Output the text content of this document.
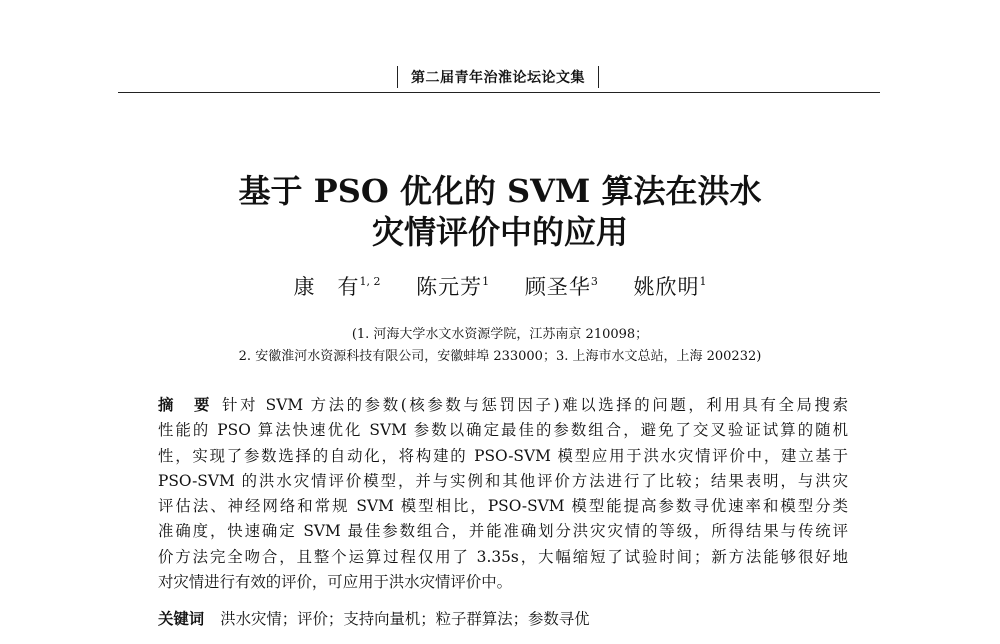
第二届青年治淮论坛论文集
基于 PSO 优化的 SVM 算法在洪水
灾情评价中的应用
康　有$^{1, 2}$ 陈元芳$^1$ 顾圣华$^3$ 姚欣明$^1$
(1. 河海大学水文水资源学院，江苏南京 210098；
2. 安徽淮河水资源科技有限公司，安徽蚌埠 233000；3. 上海市水文总站，上海 200232)
摘　要 针对 SVM 方法的参数(核参数与惩罚因子)难以选择的问题，利用具有全局搜索
性能的 PSO 算法快速优化 SVM 参数以确定最佳的参数组合，避免了交叉验证试算的随机
性，实现了参数选择的自动化，将构建的 PSO-SVM 模型应用于洪水灾情评价中，建立基于
PSO-SVM 的洪水灾情评价模型，并与实例和其他评价方法进行了比较；结果表明，与洪灾
评估法、神经网络和常规 SVM 模型相比，PSO-SVM 模型能提高参数寻优速率和模型分类
准确度，快速确定 SVM 最佳参数组合，并能准确划分洪灾灾情的等级，所得结果与传统评
价方法完全吻合，且整个运算过程仅用了 3.35s，大幅缩短了试验时间；新方法能够很好地
对灾情进行有效的评价，可应用于洪水灾情评价中。
关键词 洪水灾情；评价；支持向量机；粒子群算法；参数寻优
